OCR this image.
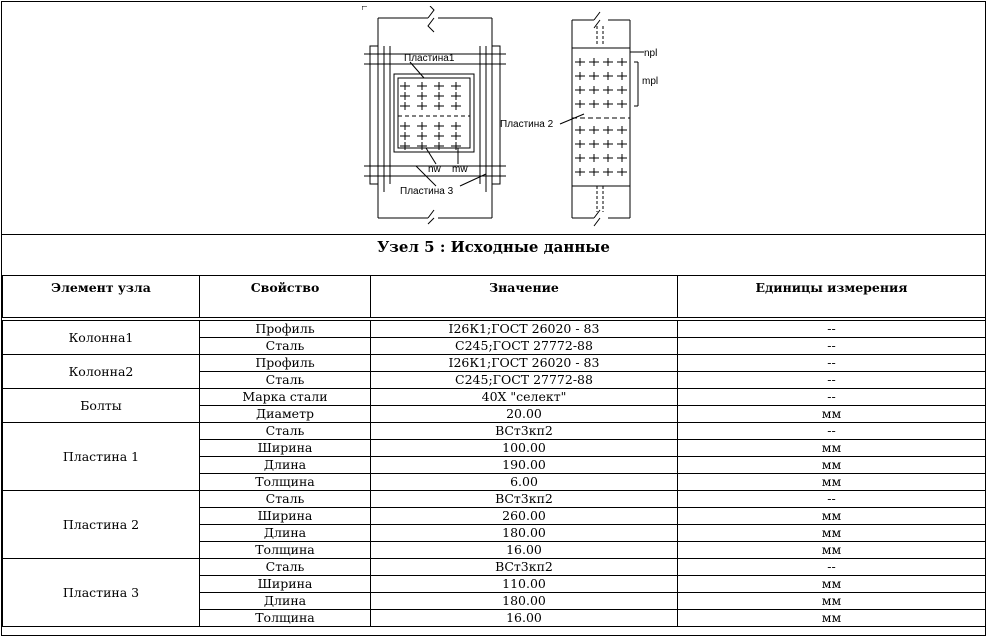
Пластина1
nw mw
Пластина 3
Пластина 2
npl
mpl
Узел 5 : Исходные данные
Элемент узла	Свойство	Значение	Единицы измерения

Колонна1	Профиль	I26К1;ГОСТ 26020 - 83	--
	Сталь	С245;ГОСТ 27772-88	--
Колонна2	Профиль	I26К1;ГОСТ 26020 - 83	--
	Сталь	С245;ГОСТ 27772-88	--
Болты	Марка стали	40Х "селект"	--
	Диаметр	20.00	мм
Пластина 1	Сталь	ВСт3кп2	--
	Ширина	100.00	мм
	Длина	190.00	мм
	Толщина	6.00	мм
Пластина 2	Сталь	ВСт3кп2	--
	Ширина	260.00	мм
	Длина	180.00	мм
	Толщина	16.00	мм
Пластина 3	Сталь	ВСт3кп2	--
	Ширина	110.00	мм
	Длина	180.00	мм
	Толщина	16.00	мм
